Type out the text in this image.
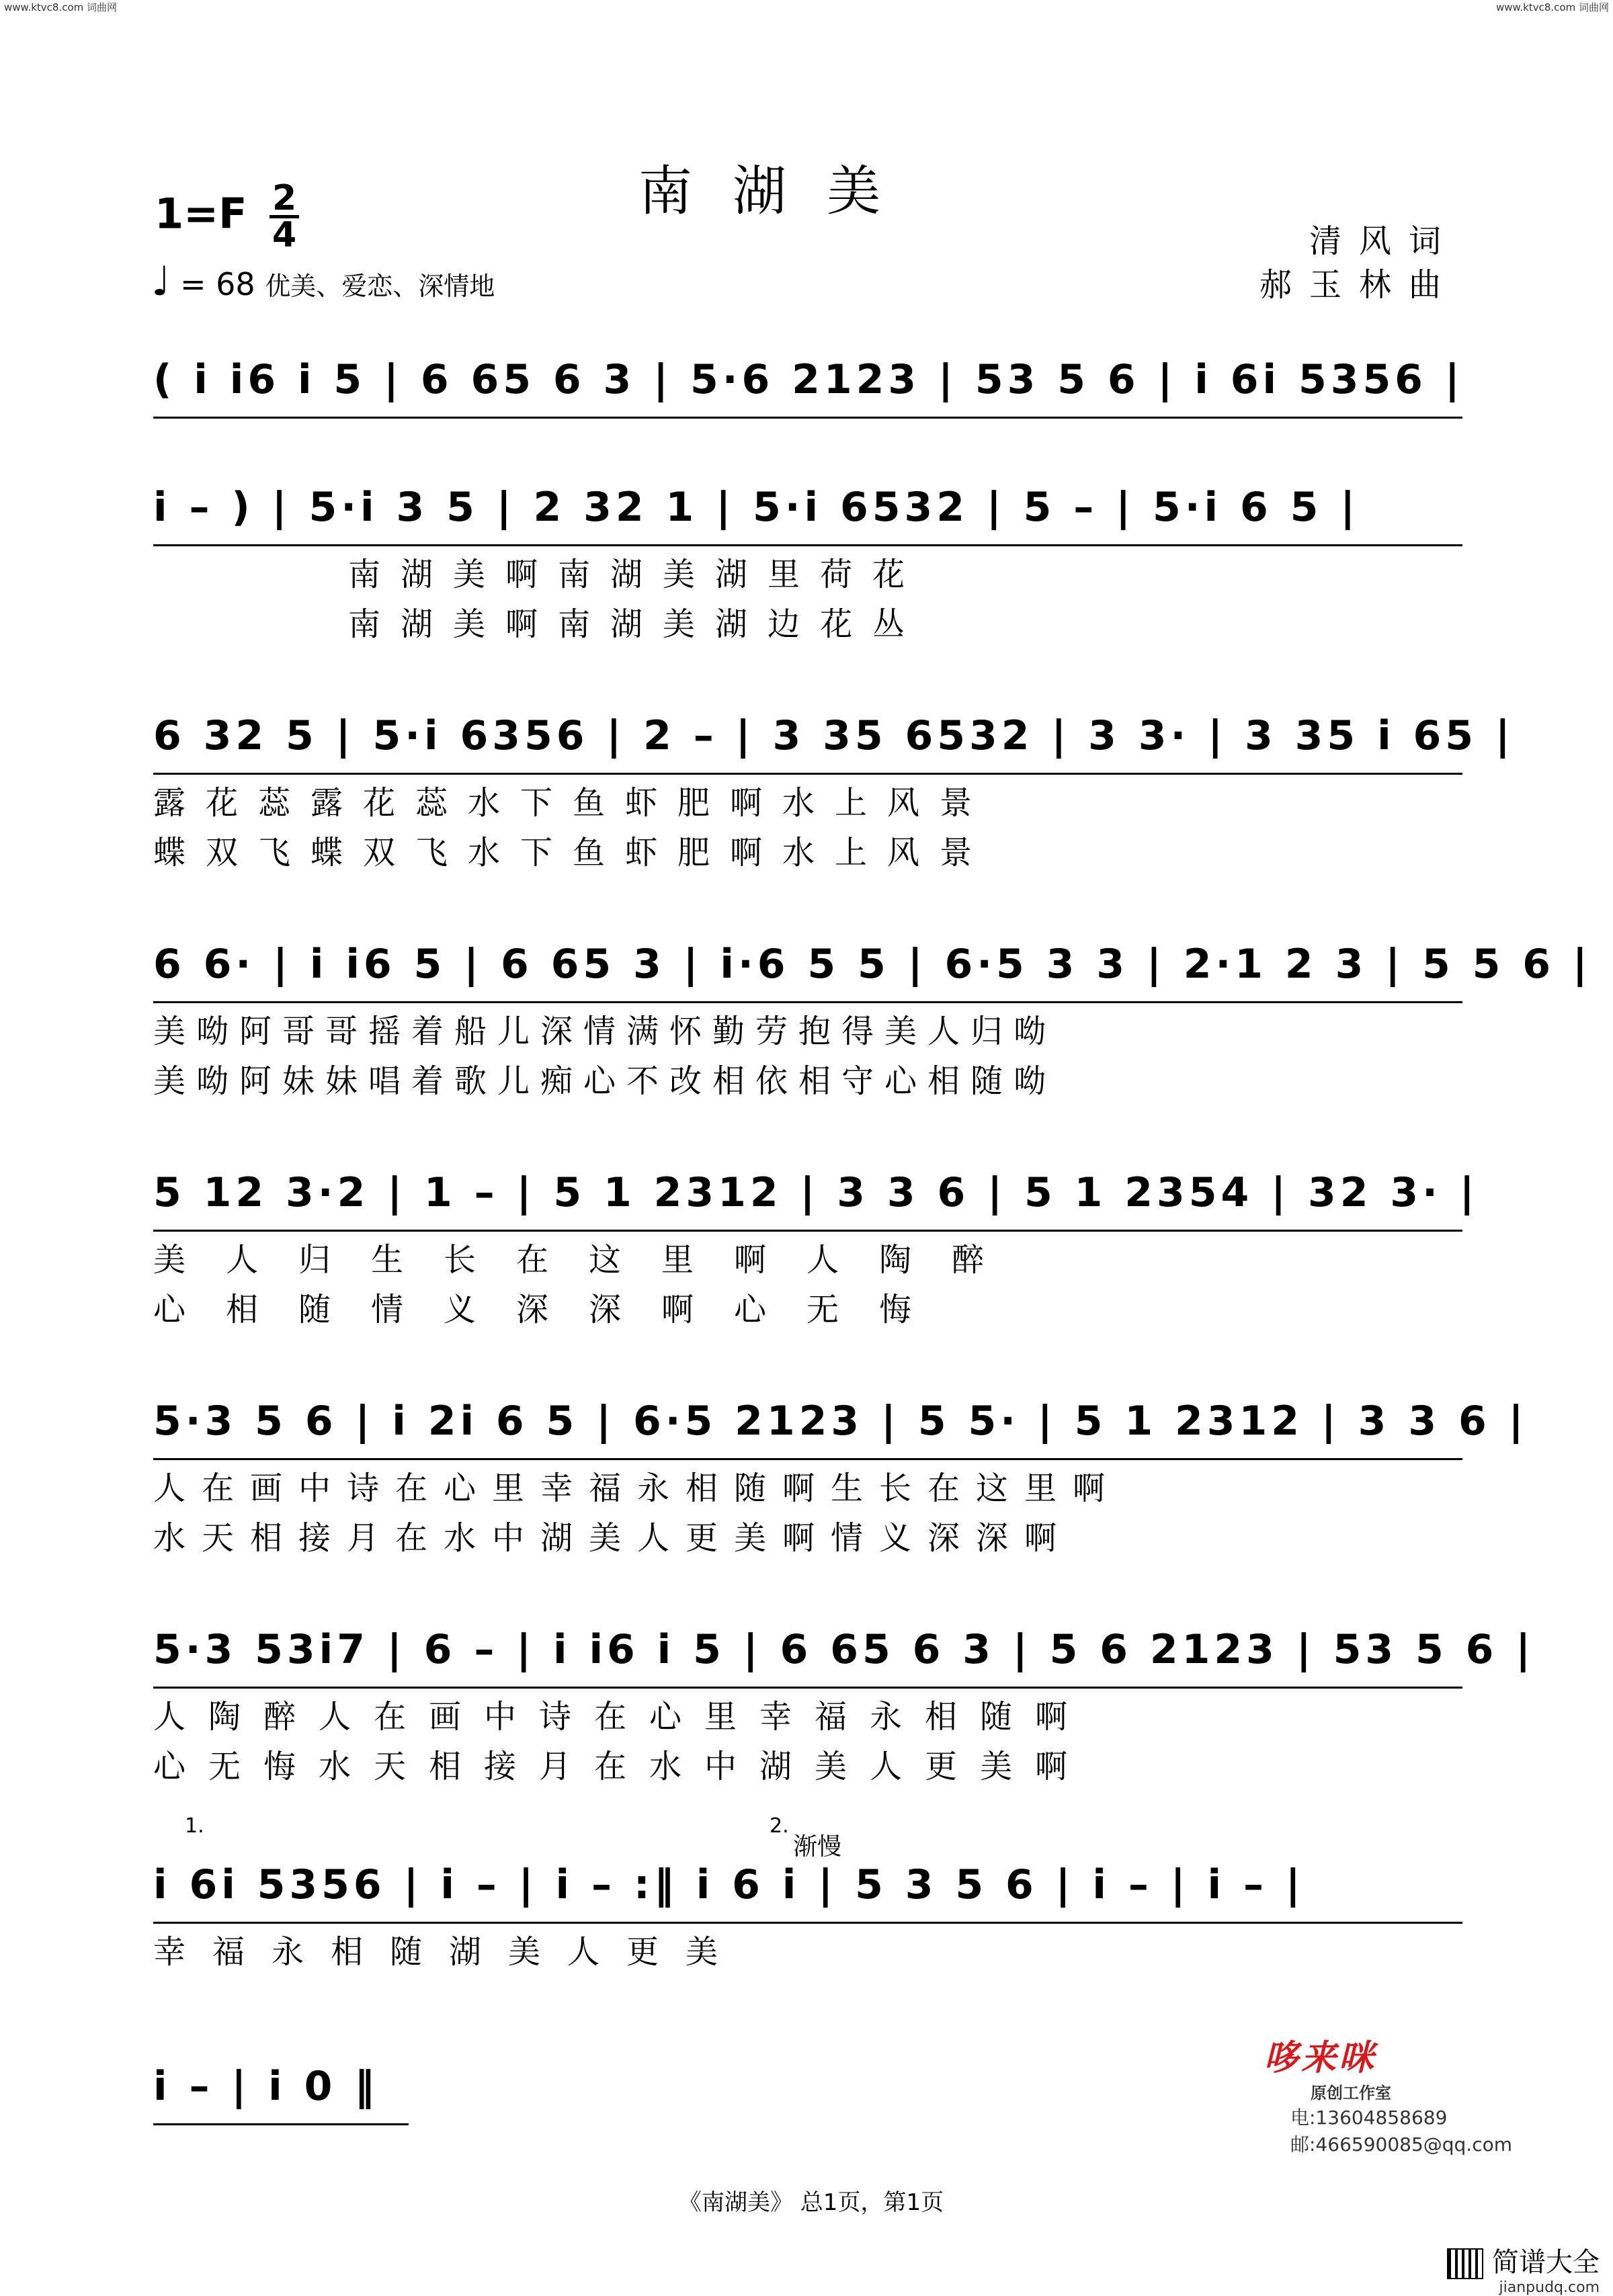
www.ktvc8.com 词曲网	www.ktvc8.com 词曲网
南湖美
$1=F \frac{2}{4}$
♩ = 68 优美、爱恋、深情地
清风词
郝玉林曲
( i i6 i 5 | 6 65 6 3 | 5·6 2123 | 53 5 6 | i 6i 5356 |
i – ) | 5·i 3 5 | 2 32 1 | 5·i 6532 | 5 – | 5·i 6 5 |
南湖美啊南湖美湖里荷花
南湖美啊南湖美湖边花丛
6 32 5 | 5·i 6356 | 2 – | 3 35 6532 | 3 3· | 3 35 i 65 |
露花蕊露花蕊水下鱼虾肥啊水上风景
蝶双飞蝶双飞水下鱼虾肥啊水上风景
6 6· | i i6 5 | 6 65 3 | i·6 5 5 | 6·5 3 3 | 2·1 2 3 | 5 5 6 |
美呦阿哥哥摇着船儿深情满怀勤劳抱得美人归呦
美呦阿妹妹唱着歌儿痴心不改相依相守心相随呦
5 12 3·2 | 1 – | 5 1 2312 | 3 3 6 | 5 1 2354 | 32 3· |
美人归生长在这里啊人陶醉
心相随情义深深啊心无悔
5·3 5 6 | i 2i 6 5 | 6·5 2123 | 5 5· | 5 1 2312 | 3 3 6 |
人在画中诗在心里幸福永相随啊生长在这里啊
水天相接月在水中湖美人更美啊情义深深啊
5·3 53i7 | 6 – | i i6 i 5 | 6 65 6 3 | 5 6 2123 | 53 5 6 |
人陶醉人在画中诗在心里幸福永相随啊
心无悔水天相接月在水中湖美人更美啊
1.	2.
渐慢
i 6i 5356 | i – | i – :‖ i 6 i | 5 3 5 6 | i – | i – |
幸福永相随湖美人更美
i – | i 0 ‖
哆来咪
原创工作室
电:13604858689
邮:466590085@qq.com
《南湖美》 总1页，第1页
简谱大全
jianpudq.com
